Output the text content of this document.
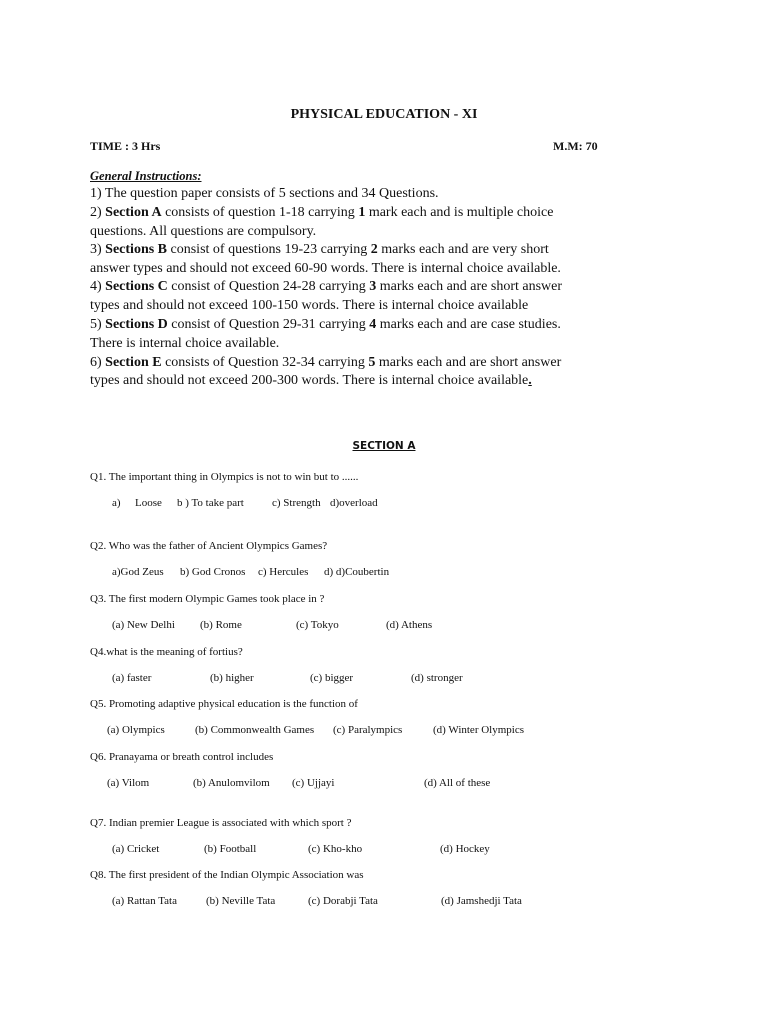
PHYSICAL EDUCATION - XI
TIME : 3 Hrs	M.M: 70
General Instructions:
1) The question paper consists of 5 sections and 34 Questions.
2) Section A consists of question 1-18 carrying 1 mark each and is multiple choice
questions. All questions are compulsory.
3) Sections B consist of questions 19-23 carrying 2 marks each and are very short
answer types and should not exceed 60-90 words. There is internal choice available.
4) Sections C consist of Question 24-28 carrying 3 marks each and are short answer
types and should not exceed 100-150 words. There is internal choice available
5) Sections D consist of Question 29-31 carrying 4 marks each and are case studies.
There is internal choice available.
6) Section E consists of Question 32-34 carrying 5 marks each and are short answer
types and should not exceed 200-300 words. There is internal choice available.
SECTION A
Q1. The important thing in Olympics is not to win but to ......
a) Loose b ) To take part	c) Strength d)overload
Q2. Who was the father of Ancient Olympics Games?
a)God Zeus b) God Cronos c) Hercules d) d)Coubertin
Q3. The first modern Olympic Games took place in ?
(a) New Delhi (b) Rome	(c) Tokyo	(d) Athens
Q4.what is the meaning of fortius?
(a) faster	(b) higher	(c) bigger	(d) stronger
Q5. Promoting adaptive physical education is the function of
(a) Olympics	(b) Commonwealth Games (c) Paralympics	(d) Winter Olympics
Q6. Pranayama or breath control includes
(a) Vilom	(b) Anulomvilom (c) Ujjayi	(d) All of these
Q7. Indian premier League is associated with which sport ?
(a) Cricket	(b) Football	(c) Kho-kho	(d) Hockey
Q8. The first president of the Indian Olympic Association was
(a) Rattan Tata	(b) Neville Tata	(c) Dorabji Tata	(d) Jamshedji Tata
